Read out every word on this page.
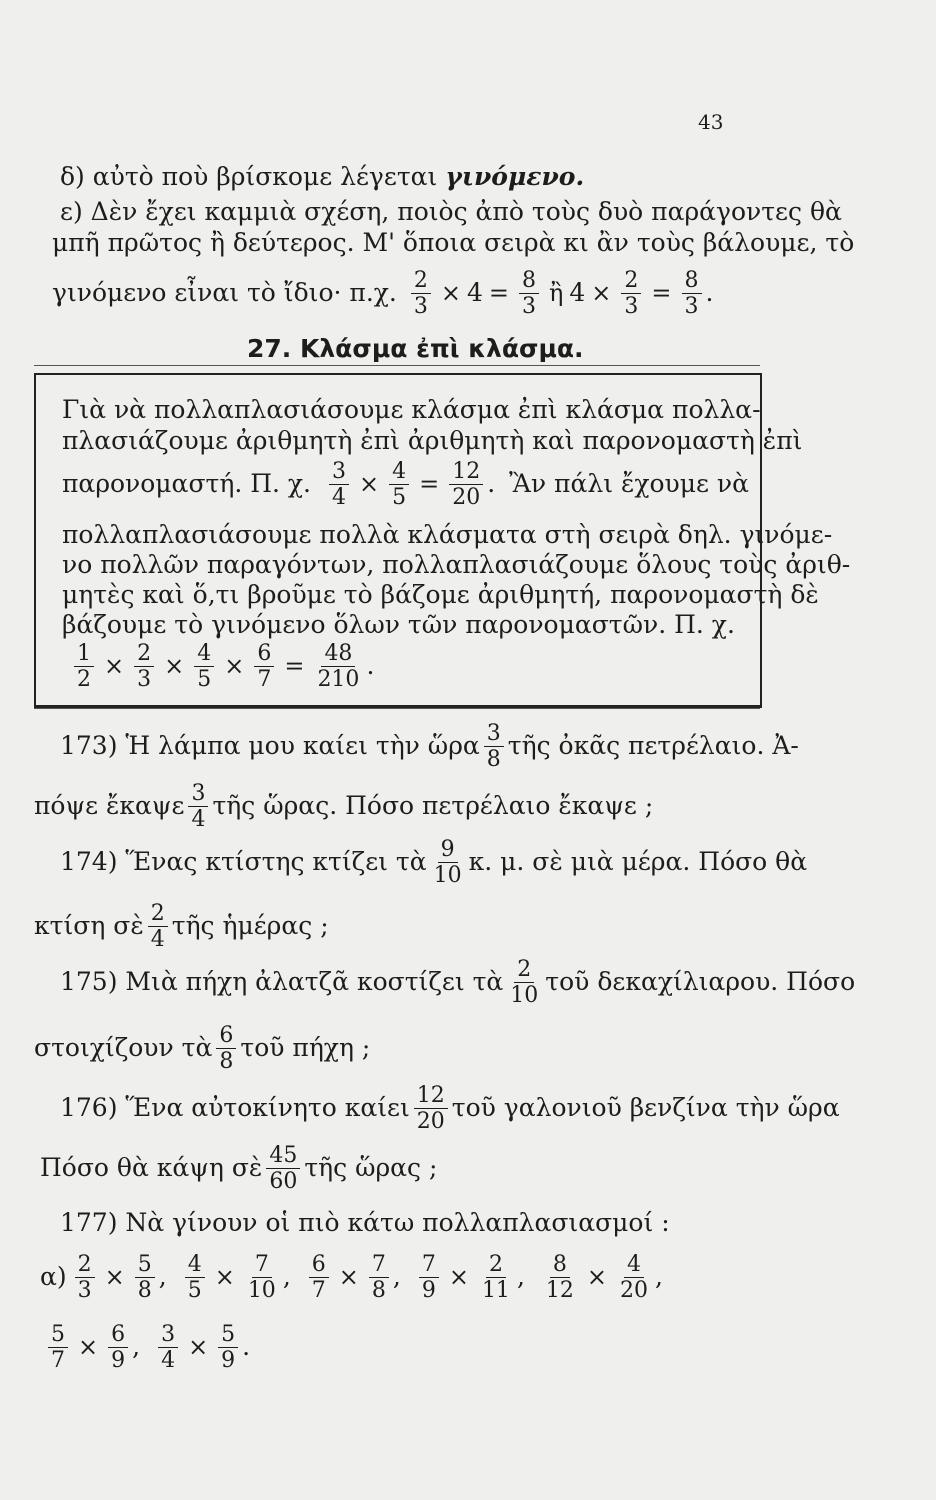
43
δ) αὐτὸ ποὺ βρίσκομε λέγεται γινόμενο.
ε) Δὲν ἔχει καμμιὰ σχέση, ποιὸς ἀπὸ τοὺς δυὸ παράγοντες θὰ
μπῆ πρῶτος ἢ δεύτερος. Μ' ὅποια σειρὰ κι ἂν τοὺς βάλουμε, τὸ
γινόμενο εἶναι τὸ ἴδιο· π.χ. $\frac{2}{3} \times 4 = \frac{8}{3}$ ἢ $4 \times \frac{2}{3} = \frac{8}{3}$ .
27. Κλάσμα ἐπὶ κλάσμα.
Γιὰ νὰ πολλαπλασιάσουμε κλάσμα ἐπὶ κλάσμα πολλα-
πλασιάζουμε ἀριθμητὴ ἐπὶ ἀριθμητὴ καὶ παρονομαστὴ ἐπὶ
παρονομαστή. Π. χ. $\frac{3}{4} \times \frac{4}{5} = \frac{12}{20}$ . Ἂν πάλι ἔχουμε νὰ
πολλαπλασιάσουμε πολλὰ κλάσματα στὴ σειρὰ δηλ. γινόμε-
νο πολλῶν παραγόντων, πολλαπλασιάζουμε ὅλους τοὺς ἀριθ-
μητὲς καὶ ὅ,τι βροῦμε τὸ βάζομε ἀριθμητή, παρονομαστὴ δὲ
βάζουμε τὸ γινόμενο ὅλων τῶν παρονομαστῶν. Π. χ.
$\frac{1}{2} \times \frac{2}{3} \times \frac{4}{5} \times \frac{6}{7} = \frac{48}{210}$ .
173) Ἡ λάμπα μου καίει τὴν ὥρα $\frac{3}{8}$ τῆς ὀκᾶς πετρέλαιο. Ἀ-
πόψε ἔκαψε $\frac{3}{4}$ τῆς ὥρας. Πόσο πετρέλαιο ἔκαψε ;
174) Ἕνας κτίστης κτίζει τὰ $\frac{9}{10} \kappa$. μ. σὲ μιὰ μέρα. Πόσο θὰ
κτίση σὲ $\frac{2}{4}$ τῆς ἡμέρας ;
175) Μιὰ πήχη ἀλατζᾶ κοστίζει τὰ $\frac{2}{10}$ τοῦ δεκαχίλιαρου. Πόσο
στοιχίζουν τὰ $\frac{6}{8}$ τοῦ πήχη ;
176) Ἕνα αὐτοκίνητο καίει $\frac{12}{20}$ τοῦ γαλονιοῦ βενζίνα τὴν ὥρα
Πόσο θὰ κάψη σὲ $\frac{45}{60}$ τῆς ὥρας ;
177) Νὰ γίνουν οἱ πιὸ κάτω πολλαπλασιασμοί :
$\alpha) \frac{2}{3} \times \frac{5}{8}$ , $\frac{4}{5} \times \frac{7}{10}$ , $\frac{6}{7} \times \frac{7}{8}$ , $\frac{7}{9} \times \frac{2}{11}$ , $\frac{8}{12} \times \frac{4}{20}$ ,
$\frac{5}{7} \times \frac{6}{9}$ , $\frac{3}{4} \times \frac{5}{9}$ .
